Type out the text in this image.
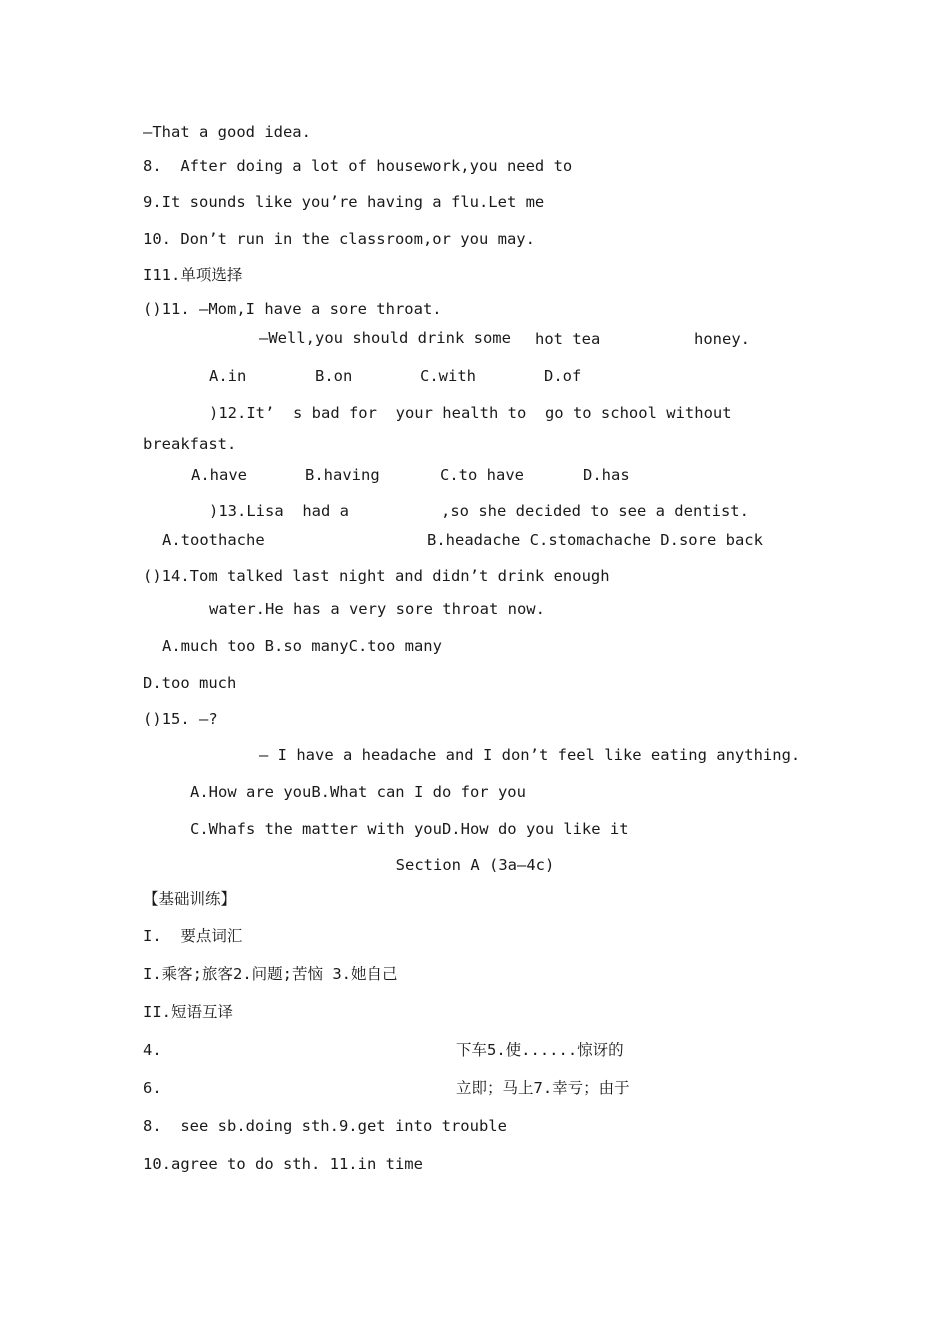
—That a good idea.
8.  After doing a lot of housework,you need to
9.It sounds like you’re having a flu.Let me
10. Don’t run in the classroom,or you may.
I11.单项选择
()11. —Mom,I have a sore throat.
—Well,you should drink some hot tea	honey.
A.in	B.on	C.with	D.of
)12.It’  s bad for  your health to  go to school without
breakfast.
A.have	B.having	C.to have	D.has
)13.Lisa  had a	,so she decided to see a dentist.
A.toothache	B.headache C.stomachache D.sore back
()14.Tom talked last night and didn’t drink enough
water.He has a very sore throat now.
A.much too B.so manyC.too many
D.too much
()15. —?
— I have a headache and I don’t feel like eating anything.
A.How are youB.What can I do for you
C.Whafs the matter with youD.How do you like it
Section A (3a—4c)
【基础训练】
I.  要点词汇
I.乘客;旅客2.问题;苦恼 3.她自己
II.短语互译
4.	下车5.使......惊讶的
6.	立即；马上7.幸亏；由于
8.  see sb.doing sth.9.get into trouble
10.agree to do sth. 11.in time
